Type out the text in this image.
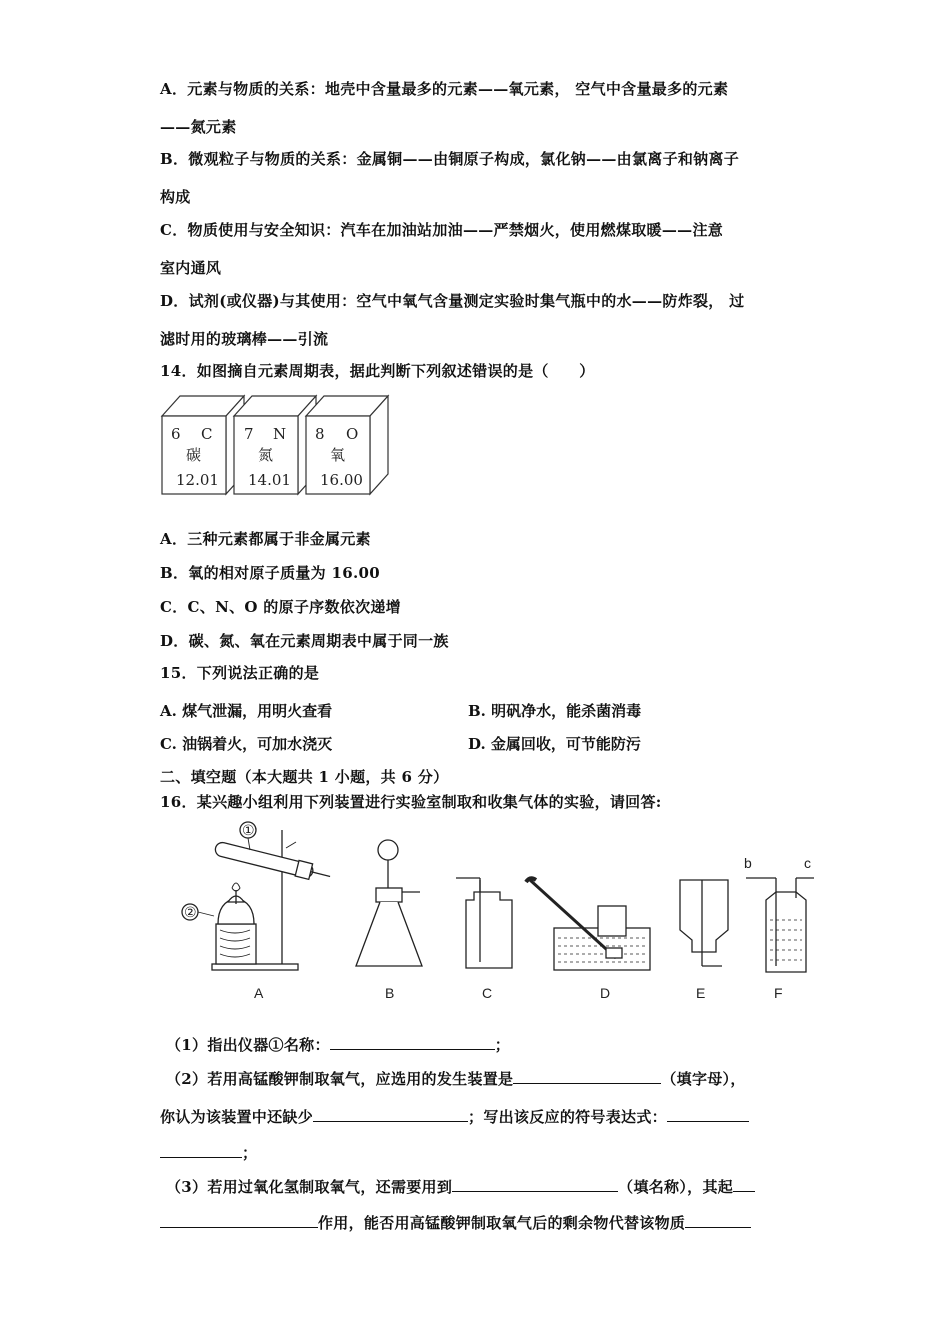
A．元素与物质的关系：地壳中含量最多的元素——氧元素， 空气中含量最多的元素
——氮元素
B．微观粒子与物质的关系：金属铜——由铜原子构成，氯化钠——由氯离子和钠离子
构成
C．物质使用与安全知识：汽车在加油站加油——严禁烟火，使用燃煤取暖——注意
室内通风
D．试剂(或仪器)与其使用：空气中氧气含量测定实验时集气瓶中的水——防炸裂， 过
滤时用的玻璃棒——引流
14．如图摘自元素周期表，据此判断下列叙述错误的是（　　）
6 C
碳
12.01
7 N
氮
14.01
8 O
氧
16.00
A．三种元素都属于非金属元素
B．氧的相对原子质量为 16.00
C．C、N、O 的原子序数依次递增
D．碳、氮、氧在元素周期表中属于同一族
15．下列说法正确的是
A. 煤气泄漏，用明火查看	B. 明矾净水，能杀菌消毒
C. 油锅着火，可加水浇灭	D. 金属回收，可节能防污
二、填空题（本大题共 1 小题，共 6 分）
16．某兴趣小组利用下列装置进行实验室制取和收集气体的实验，请回答:
①
②
b	c
A	B	C	D	E	F
（1）指出仪器①名称：	；
（2）若用高锰酸钾制取氧气，应选用的发生装置是	（填字母），
你认为该装置中还缺少	；写出该反应的符号表达式：
；
（3）若用过氧化氢制取氧气，还需要用到	（填名称），其起
作用，能否用高锰酸钾制取氧气后的剩余物代替该物质
